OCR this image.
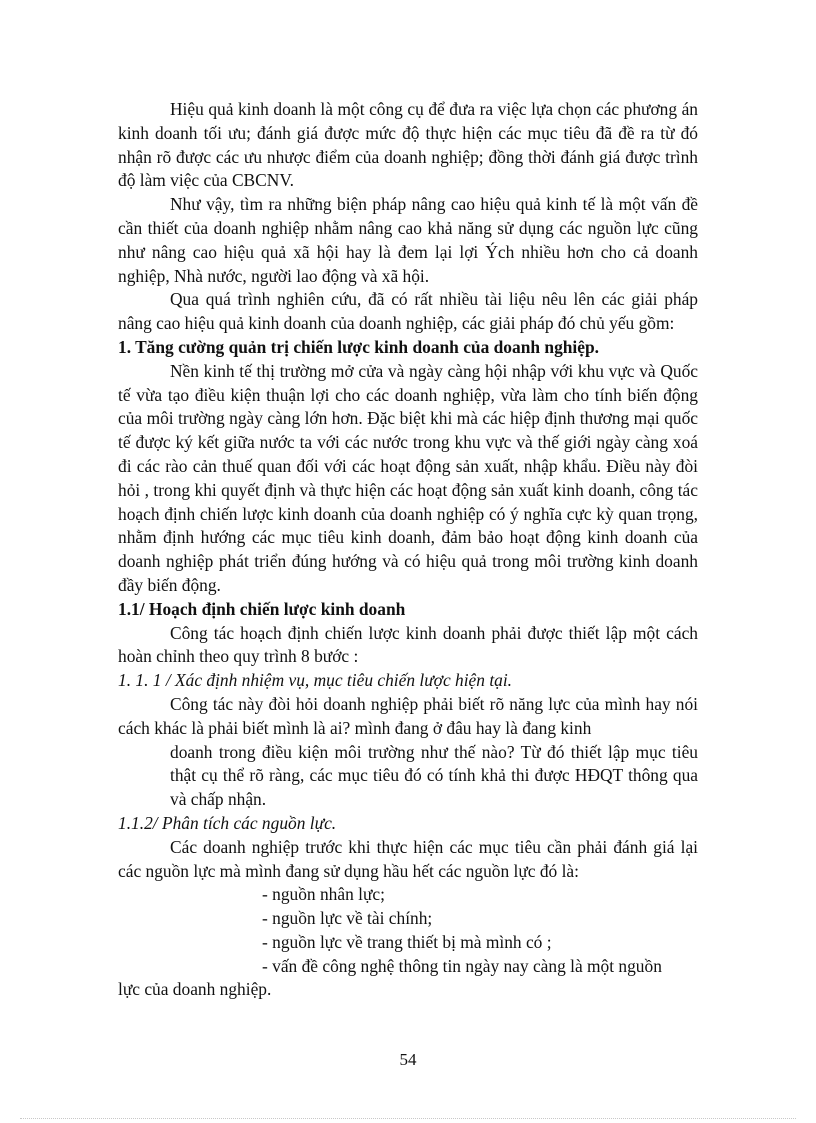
Hiệu quả kinh doanh là một công cụ để đưa ra việc lựa chọn các phương án kinh doanh tối ưu; đánh giá được mức độ thực hiện các mục tiêu đã đề ra từ đó nhận rõ được các ưu nhược điểm của doanh nghiệp; đồng thời đánh giá được trình độ làm việc của CBCNV.

Như vậy, tìm ra những biện pháp nâng cao hiệu quả kinh tế là một vấn đề cần thiết của doanh nghiệp nhằm nâng cao khả năng sử dụng các nguồn lực cũng như nâng cao hiệu quả xã hội hay là đem lại lợi Ých nhiều hơn cho cả doanh nghiệp, Nhà nước, người lao động và xã hội.

Qua quá trình nghiên cứu, đã có rất nhiều tài liệu nêu lên các giải pháp nâng cao hiệu quả kinh doanh của doanh nghiệp, các giải pháp đó chủ yếu gồm:

1. Tăng cường quản trị chiến lược kinh doanh của doanh nghiệp.

Nền kinh tế thị trường mở cửa và ngày càng hội nhập với khu vực và Quốc tế vừa tạo điều kiện thuận lợi cho các doanh nghiệp, vừa làm cho tính biến động của môi trường ngày càng lớn hơn. Đặc biệt khi mà các hiệp định thương mại quốc tế được ký kết giữa nước ta với các nước trong khu vực và thế giới ngày càng xoá đi các rào cản thuế quan đối với các hoạt động sản xuất, nhập khẩu. Điều này đòi hỏi , trong khi quyết định và thực hiện các hoạt động sản xuất kinh doanh, công tác hoạch định chiến lược kinh doanh của doanh nghiệp có ý nghĩa cực kỳ quan trọng, nhằm định hướng các mục tiêu kinh doanh, đảm bảo hoạt động kinh doanh của doanh nghiệp phát triển đúng hướng và có hiệu quả trong môi trường kinh doanh đầy biến động.

1.1/ Hoạch định chiến lược kinh doanh

Công tác hoạch định chiến lược kinh doanh phải được thiết lập một cách hoàn chỉnh theo quy trình 8 bước :

1. 1. 1 / Xác định nhiệm vụ, mục tiêu chiến lược hiện tại.

Công tác này đòi hỏi doanh nghiệp phải biết rõ năng lực của mình hay nói cách khác là phải biết mình là ai? mình đang ở đâu hay là đang kinh

doanh trong điều kiện môi trường như thế nào? Từ đó thiết lập mục tiêu thật cụ thể rõ ràng, các mục tiêu đó có tính khả thi được HĐQT thông qua và chấp nhận.

1.1.2/ Phân tích các nguồn lực.

Các doanh nghiệp trước khi thực hiện các mục tiêu cần phải đánh giá lại các nguồn lực mà mình đang sử dụng hầu hết các nguồn lực đó là:

- nguồn nhân lực;

- nguồn lực về tài chính;

- nguồn lực về trang thiết bị mà mình có ;

- vấn đề công nghệ thông tin ngày nay càng là một nguồn

lực của doanh nghiệp.

54
